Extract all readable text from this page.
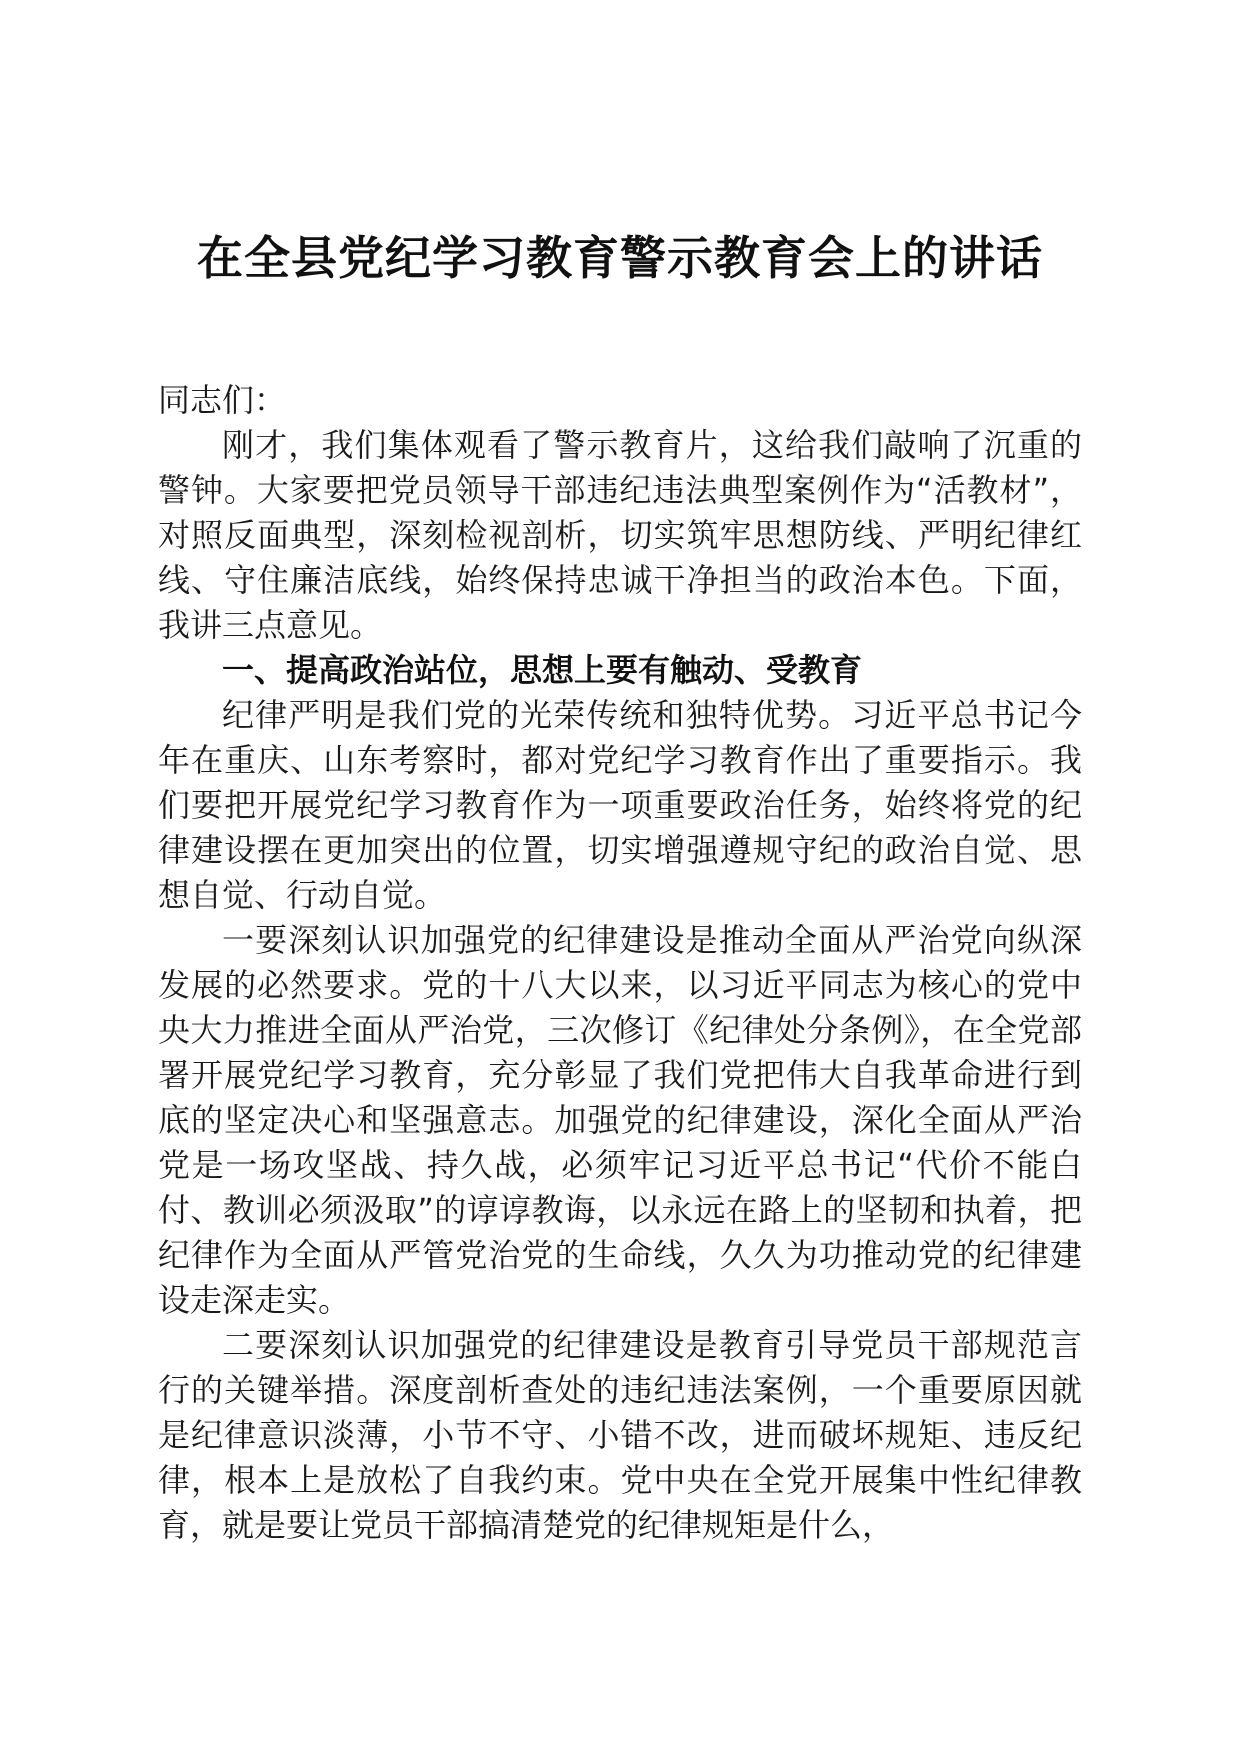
在全县党纪学习教育警示教育会上的讲话

同志们：

刚才，我们集体观看了警示教育片，这给我们敲响了沉重的警钟。大家要把党员领导干部违纪违法典型案例作为“活教材”，对照反面典型，深刻检视剖析，切实筑牢思想防线、严明纪律红线、守住廉洁底线，始终保持忠诚干净担当的政治本色。下面，我讲三点意见。

一、提高政治站位，思想上要有触动、受教育

纪律严明是我们党的光荣传统和独特优势。习近平总书记今年在重庆、山东考察时，都对党纪学习教育作出了重要指示。我们要把开展党纪学习教育作为一项重要政治任务，始终将党的纪律建设摆在更加突出的位置，切实增强遵规守纪的政治自觉、思想自觉、行动自觉。

一要深刻认识加强党的纪律建设是推动全面从严治党向纵深发展的必然要求。党的十八大以来，以习近平同志为核心的党中央大力推进全面从严治党，三次修订《纪律处分条例》，在全党部署开展党纪学习教育，充分彰显了我们党把伟大自我革命进行到底的坚定决心和坚强意志。加强党的纪律建设，深化全面从严治党是一场攻坚战、持久战，必须牢记习近平总书记“代价不能白付、教训必须汲取”的谆谆教诲，以永远在路上的坚韧和执着，把纪律作为全面从严管党治党的生命线，久久为功推动党的纪律建设走深走实。

二要深刻认识加强党的纪律建设是教育引导党员干部规范言行的关键举措。深度剖析查处的违纪违法案例，一个重要原因就是纪律意识淡薄，小节不守、小错不改，进而破坏规矩、违反纪律，根本上是放松了自我约束。党中央在全党开展集中性纪律教育，就是要让党员干部搞清楚党的纪律规矩是什么，
